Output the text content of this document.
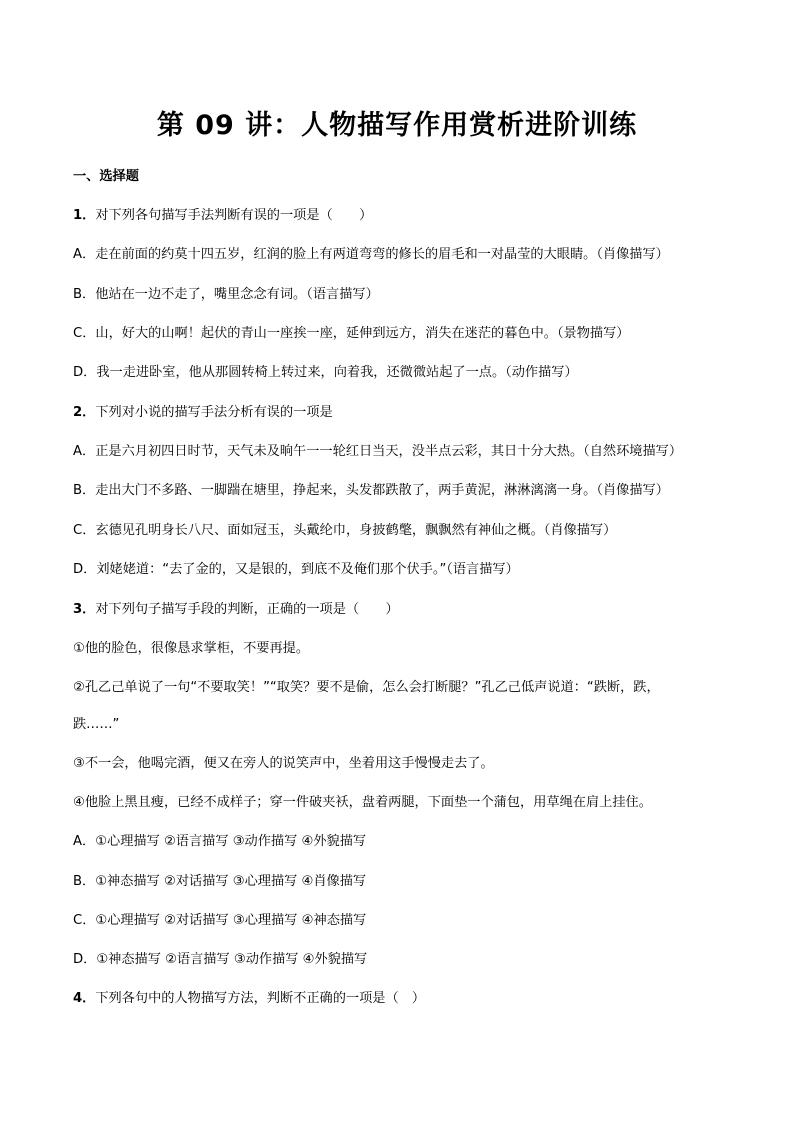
第 09 讲：人物描写作用赏析进阶训练
一、选择题
1．对下列各句描写手法判断有误的一项是（　　）
A．走在前面的约莫十四五岁，红润的脸上有两道弯弯的修长的眉毛和一对晶莹的大眼睛。（肖像描写）
B．他站在一边不走了，嘴里念念有词。（语言描写）
C．山，好大的山啊！起伏的青山一座挨一座，延伸到远方，消失在迷茫的暮色中。（景物描写）
D．我一走进卧室，他从那圆转椅上转过来，向着我，还微微站起了一点。（动作描写）
2．下列对小说的描写手法分析有误的一项是
A．正是六月初四日时节，天气未及晌午一一轮红日当天，没半点云彩，其日十分大热。（自然环境描写）
B．走出大门不多路、一脚踹在塘里，挣起来，头发都跌散了，两手黄泥，淋淋漓漓一身。（肖像描写）
C．玄德见孔明身长八尺、面如冠玉，头戴纶巾，身披鹤氅，飘飘然有神仙之概。（肖像描写）
D．刘姥姥道：“去了金的，又是银的，到底不及俺们那个伏手。”（语言描写）
3．对下列句子描写手段的判断，正确的一项是（　　）
①他的脸色，很像恳求掌柜，不要再提。
②孔乙己单说了一句“不要取笑！”“取笑？要不是偷，怎么会打断腿？”孔乙己低声说道：“跌断，跌，
跌……”
③不一会，他喝完酒，便又在旁人的说笑声中，坐着用这手慢慢走去了。
④他脸上黑且瘦，已经不成样子；穿一件破夹袄，盘着两腿，下面垫一个蒲包，用草绳在肩上挂住。
A．①心理描写 ②语言描写 ③动作描写 ④外貌描写
B．①神态描写 ②对话描写 ③心理描写 ④肖像描写
C．①心理描写 ②对话描写 ③心理描写 ④神态描写
D．①神态描写 ②语言描写 ③动作描写 ④外貌描写
4．下列各句中的人物描写方法，判断不正确的一项是（　）
